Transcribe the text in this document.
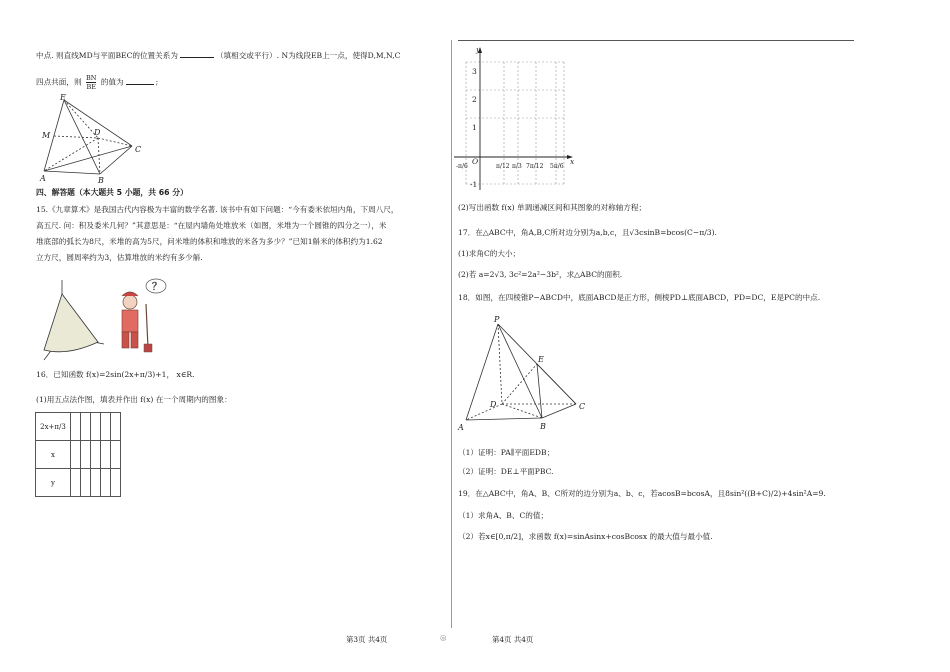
中点. 则直线MD与平面BEC的位置关系为	（填相交或平行）. N为线段EB上一点，使得D,M,N,C
四点共面，则 $\frac{BN}{BE}$ 的值为	;
E
M	D
C
A	B
四、解答题（本大题共 5 小题，共 66 分）
15.《九章算术》是我国古代内容极为丰富的数学名著. 该书中有如下问题：“今有委米依垣内角，下周八尺，
高五尺. 问：积及委米几何？”其意思是：“在屋内墙角处堆放米（如图，米堆为一个圆锥的四分之一），米
堆底部的弧长为8尺，米堆的高为5尺，问米堆的体积和堆放的米各为多少？”已知1斛米的体积约为1.62
立方尺，圆周率约为3，估算堆放的米约有多少斛.
？
16．已知函数 f(x)=2sin(2x+π/3)+1， x∈R.
(1)用五点法作图，填表并作出 f(x) 在一个周期内的图象：
2x+π/3					
x					
y					
y
x
O
3
2
1
-1
-π/6	π/12 π/3 7π/12 5π/6
(2)写出函数 f(x) 单调递减区间和其图象的对称轴方程；
17．在△ABC中，角A,B,C所对边分别为a,b,c，且√3csinB=bcos(C−π/3).
(1)求角C的大小；
(2)若 a=2√3, 3c²=2a²−3b²，求△ABC的面积.
18．如图，在四棱锥P−ABCD中，底面ABCD是正方形，侧棱PD⊥底面ABCD，PD=DC，E是PC的中点.
P
E
D	C
A	B
（1）证明：PA∥平面EDB；
（2）证明：DE⊥平面PBC.
19．在△ABC中，角A、B、C所对的边分别为a、b、c，若acosB=bcosA，且8sin²((B+C)/2)+4sin²A=9.
（1）求角A、B、C的值；
（2）若x∈[0,π/2]，求函数 f(x)=sinAsinx+cosBcosx 的最大值与最小值.
第3页 共4页	◎	第4页 共4页
